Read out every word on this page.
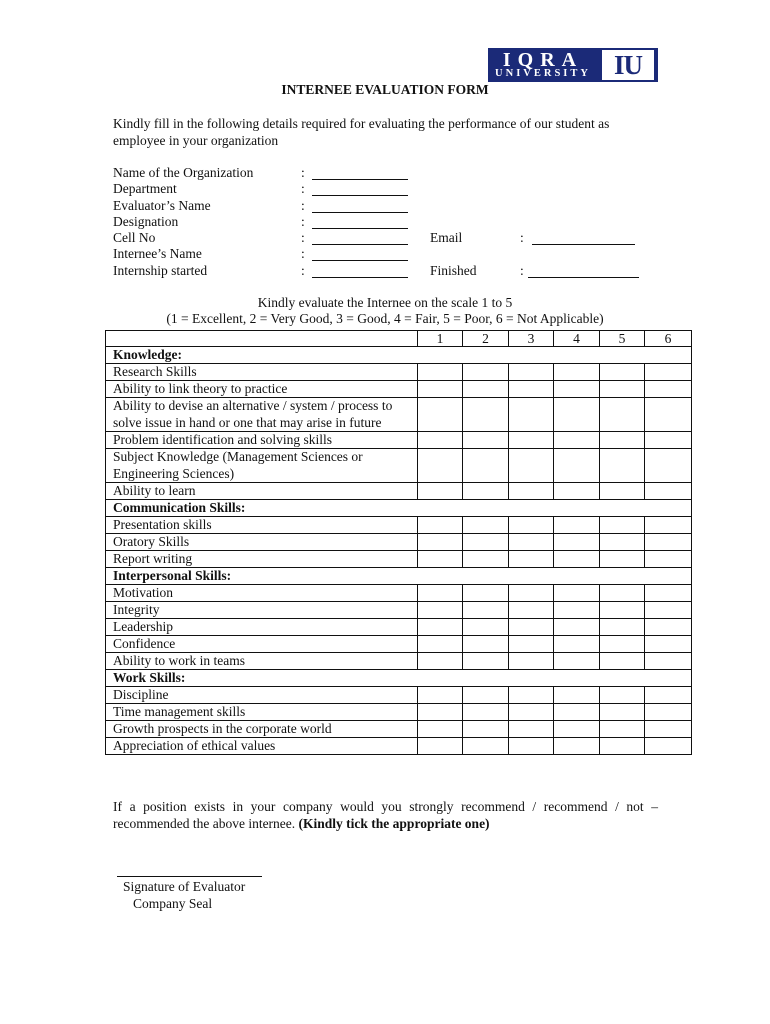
IQRA
UNIVERSITY IU
INTERNEE EVALUATION FORM
Kindly fill in the following details required for evaluating the performance of our student as employee in your organization
Name of the Organization	:
Department	:
Evaluator’s Name	:
Designation	:
Cell No	:	Email	:
Internee’s Name	:
Internship started	:	Finished	:
Kindly evaluate the Internee on the scale 1 to 5
(1 = Excellent, 2 = Very Good, 3 = Good, 4 = Fair, 5 = Poor, 6 = Not Applicable)
	1	2	3	4	5	6
Knowledge:						
Research Skills						
Ability to link theory to practice						
Ability to devise an alternative / system / process to
solve issue in hand or one that may arise in future						
Problem identification and solving skills						
Subject Knowledge (Management Sciences or
Engineering Sciences)						
Ability to learn						
Communication Skills:						
Presentation skills						
Oratory Skills						
Report writing						
Interpersonal Skills:						
Motivation						
Integrity						
Leadership						
Confidence						
Ability to work in teams						
Work Skills:						
Discipline						
Time management skills						
Growth prospects in the corporate world						
Appreciation of ethical values						
If a position exists in your company would you strongly recommend / recommend / not – recommended the above internee. (Kindly tick the appropriate one)
Signature of Evaluator
Company Seal
